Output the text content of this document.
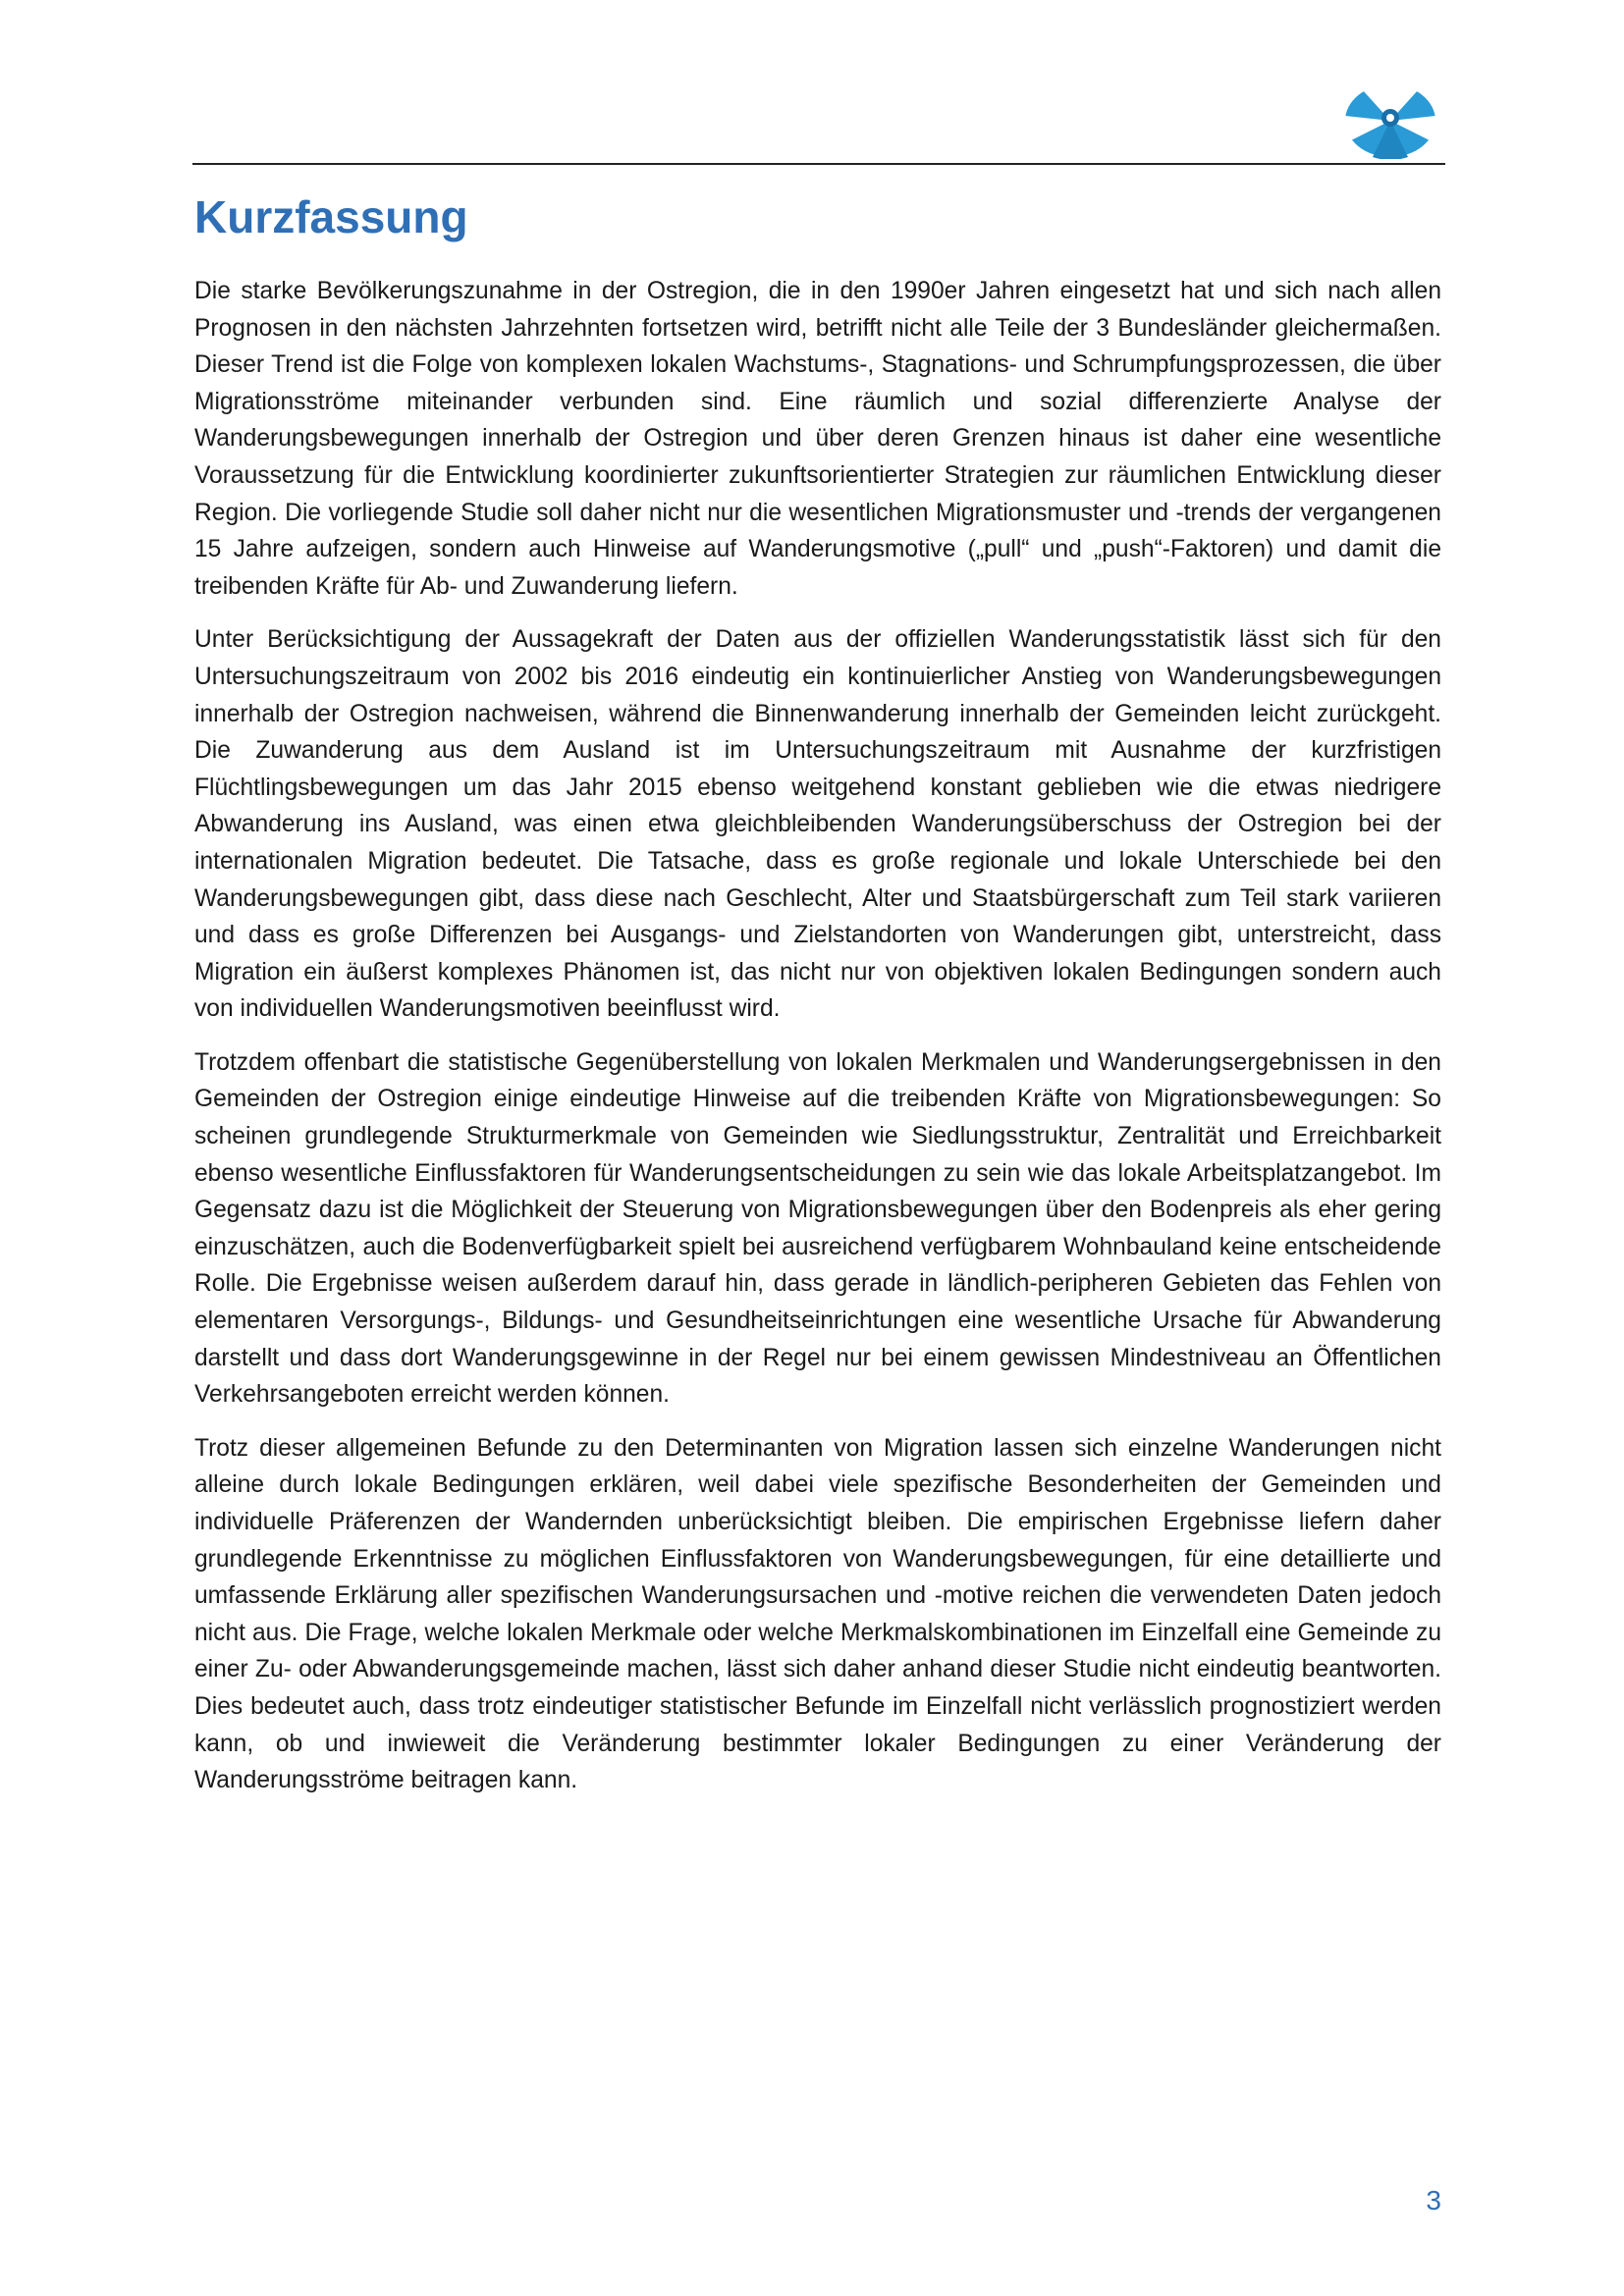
Kurzfassung

Die starke Bevölkerungszunahme in der Ostregion, die in den 1990er Jahren eingesetzt hat und sich nach allen Prognosen in den nächsten Jahrzehnten fortsetzen wird, betrifft nicht alle Teile der 3 Bundesländer gleichermaßen. Dieser Trend ist die Folge von komplexen lokalen Wachstums-, Stagnations- und Schrumpfungsprozessen, die über Migrationsströme miteinander verbunden sind. Eine räumlich und sozial differenzierte Analyse der Wanderungsbewegungen innerhalb der Ostregion und über deren Grenzen hinaus ist daher eine wesentliche Voraussetzung für die Entwicklung koordinierter zukunftsorientierter Strategien zur räumlichen Entwicklung dieser Region. Die vorliegende Studie soll daher nicht nur die wesentlichen Migrationsmuster und -trends der vergangenen 15 Jahre aufzeigen, sondern auch Hinweise auf Wanderungsmotive („pull“ und „push“-Faktoren) und damit die treibenden Kräfte für Ab- und Zuwanderung liefern.

Unter Berücksichtigung der Aussagekraft der Daten aus der offiziellen Wanderungsstatistik lässt sich für den Untersuchungszeitraum von 2002 bis 2016 eindeutig ein kontinuierlicher Anstieg von Wanderungsbewegungen innerhalb der Ostregion nachweisen, während die Binnenwanderung innerhalb der Gemeinden leicht zurückgeht. Die Zuwanderung aus dem Ausland ist im Untersuchungszeitraum mit Ausnahme der kurzfristigen Flüchtlingsbewegungen um das Jahr 2015 ebenso weitgehend konstant geblieben wie die etwas niedrigere Abwanderung ins Ausland, was einen etwa gleichbleibenden Wanderungsüberschuss der Ostregion bei der internationalen Migration bedeutet. Die Tatsache, dass es große regionale und lokale Unterschiede bei den Wanderungsbewegungen gibt, dass diese nach Geschlecht, Alter und Staatsbürgerschaft zum Teil stark variieren und dass es große Differenzen bei Ausgangs- und Zielstandorten von Wanderungen gibt, unterstreicht, dass Migration ein äußerst komplexes Phänomen ist, das nicht nur von objektiven lokalen Bedingungen sondern auch von individuellen Wanderungsmotiven beeinflusst wird.

Trotzdem offenbart die statistische Gegenüberstellung von lokalen Merkmalen und Wanderungsergebnissen in den Gemeinden der Ostregion einige eindeutige Hinweise auf die treibenden Kräfte von Migrationsbewegungen: So scheinen grundlegende Strukturmerkmale von Gemeinden wie Siedlungsstruktur, Zentralität und Erreichbarkeit ebenso wesentliche Einflussfaktoren für Wanderungsentscheidungen zu sein wie das lokale Arbeitsplatzangebot. Im Gegensatz dazu ist die Möglichkeit der Steuerung von Migrationsbewegungen über den Bodenpreis als eher gering einzuschätzen, auch die Bodenverfügbarkeit spielt bei ausreichend verfügbarem Wohnbauland keine entscheidende Rolle. Die Ergebnisse weisen außerdem darauf hin, dass gerade in ländlich-peripheren Gebieten das Fehlen von elementaren Versorgungs-, Bildungs- und Gesundheitseinrichtungen eine wesentliche Ursache für Abwanderung darstellt und dass dort Wanderungsgewinne in der Regel nur bei einem gewissen Mindestniveau an Öffentlichen Verkehrsangeboten erreicht werden können.

Trotz dieser allgemeinen Befunde zu den Determinanten von Migration lassen sich einzelne Wanderungen nicht alleine durch lokale Bedingungen erklären, weil dabei viele spezifische Besonderheiten der Gemeinden und individuelle Präferenzen der Wandernden unberücksichtigt bleiben. Die empirischen Ergebnisse liefern daher grundlegende Erkenntnisse zu möglichen Einflussfaktoren von Wanderungsbewegungen, für eine detaillierte und umfassende Erklärung aller spezifischen Wanderungsursachen und -motive reichen die verwendeten Daten jedoch nicht aus. Die Frage, welche lokalen Merkmale oder welche Merkmalskombinationen im Einzelfall eine Gemeinde zu einer Zu- oder Abwanderungsgemeinde machen, lässt sich daher anhand dieser Studie nicht eindeutig beantworten. Dies bedeutet auch, dass trotz eindeutiger statistischer Befunde im Einzelfall nicht verlässlich prognostiziert werden kann, ob und inwieweit die Veränderung bestimmter lokaler Bedingungen zu einer Veränderung der Wanderungsströme beitragen kann.

3
